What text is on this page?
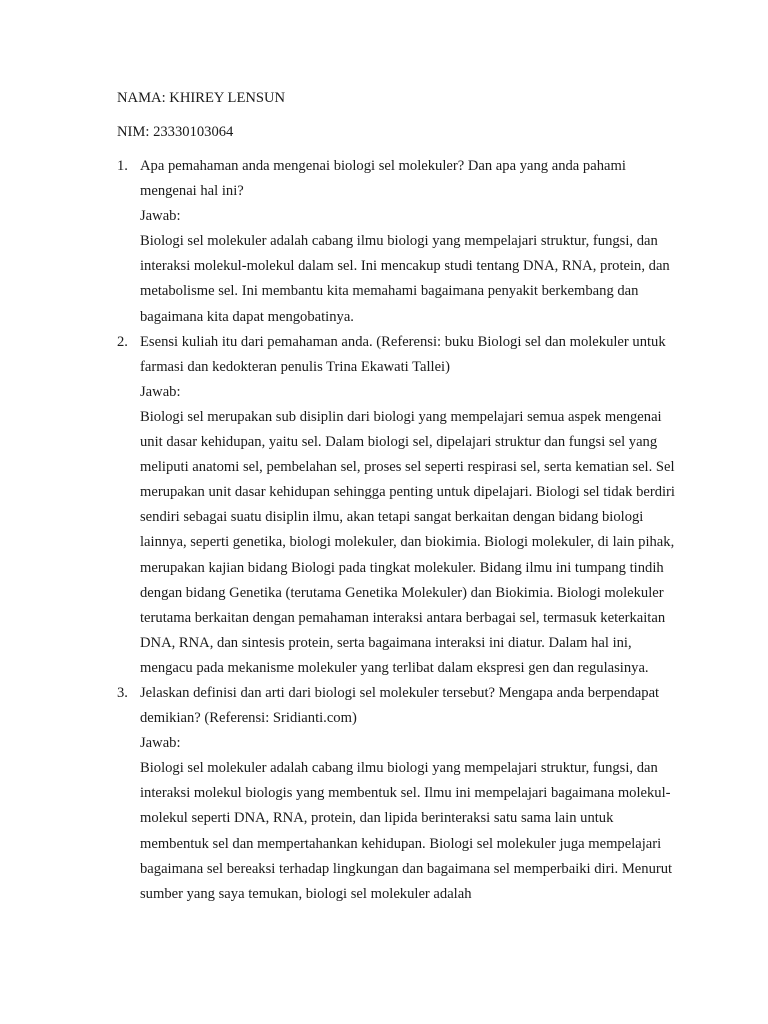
NAMA: KHIREY LENSUN
NIM: 23330103064
1. Apa pemahaman anda mengenai biologi sel molekuler? Dan apa yang anda pahami mengenai hal ini?
Jawab:
Biologi sel molekuler adalah cabang ilmu biologi yang mempelajari struktur, fungsi, dan interaksi molekul-molekul dalam sel. Ini mencakup studi tentang DNA, RNA, protein, dan metabolisme sel. Ini membantu kita memahami bagaimana penyakit berkembang dan bagaimana kita dapat mengobatinya.
2. Esensi kuliah itu dari pemahaman anda. (Referensi: buku Biologi sel dan molekuler untuk farmasi dan kedokteran penulis Trina Ekawati Tallei)
Jawab:
Biologi sel merupakan sub disiplin dari biologi yang mempelajari semua aspek mengenai unit dasar kehidupan, yaitu sel. Dalam biologi sel, dipelajari struktur dan fungsi sel yang meliputi anatomi sel, pembelahan sel, proses sel seperti respirasi sel, serta kematian sel. Sel merupakan unit dasar kehidupan sehingga penting untuk dipelajari. Biologi sel tidak berdiri sendiri sebagai suatu disiplin ilmu, akan tetapi sangat berkaitan dengan bidang biologi lainnya, seperti genetika, biologi molekuler, dan biokimia. Biologi molekuler, di lain pihak, merupakan kajian bidang Biologi pada tingkat molekuler. Bidang ilmu ini tumpang tindih dengan bidang Genetika (terutama Genetika Molekuler) dan Biokimia. Biologi molekuler terutama berkaitan dengan pemahaman interaksi antara berbagai sel, termasuk keterkaitan DNA, RNA, dan sintesis protein, serta bagaimana interaksi ini diatur. Dalam hal ini, mengacu pada mekanisme molekuler yang terlibat dalam ekspresi gen dan regulasinya.
3. Jelaskan definisi dan arti dari biologi sel molekuler tersebut? Mengapa anda berpendapat demikian? (Referensi: Sridianti.com)
Jawab:
Biologi sel molekuler adalah cabang ilmu biologi yang mempelajari struktur, fungsi, dan interaksi molekul biologis yang membentuk sel. Ilmu ini mempelajari bagaimana molekul-molekul seperti DNA, RNA, protein, dan lipida berinteraksi satu sama lain untuk membentuk sel dan mempertahankan kehidupan. Biologi sel molekuler juga mempelajari bagaimana sel bereaksi terhadap lingkungan dan bagaimana sel memperbaiki diri. Menurut sumber yang saya temukan, biologi sel molekuler adalah
